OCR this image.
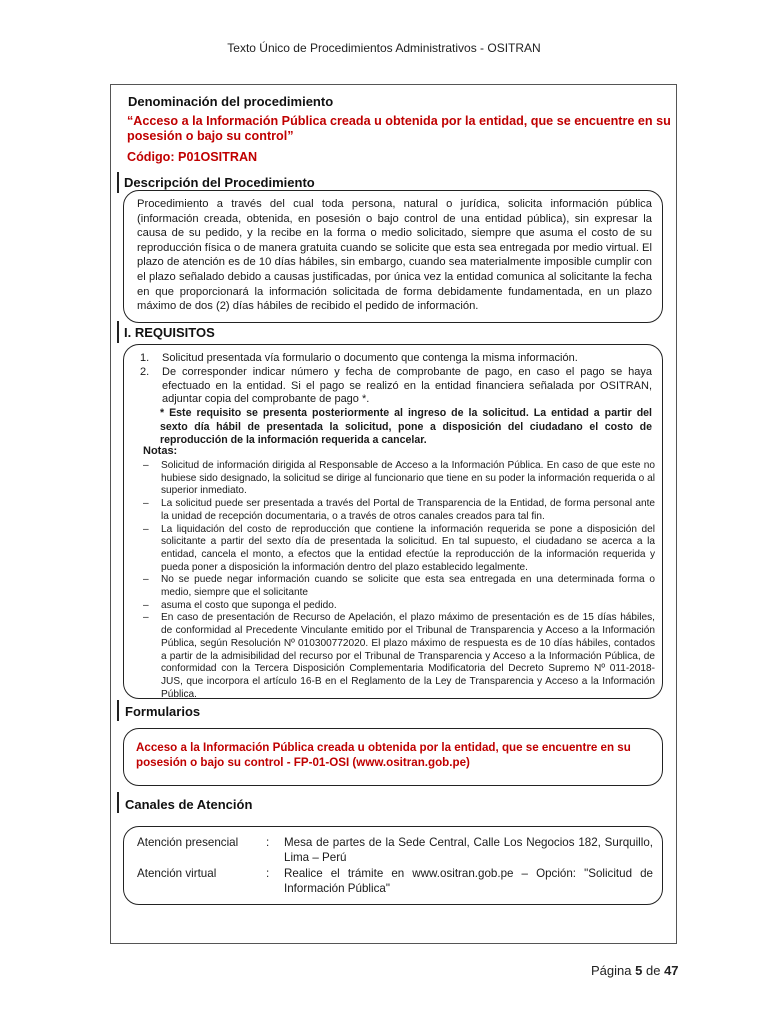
Texto Único de Procedimientos Administrativos - OSITRAN
Denominación del procedimiento
“Acceso a la Información Pública creada u obtenida por la entidad, que se encuentre en su posesión o bajo su control”
Código: P01OSITRAN
Descripción del Procedimiento
Procedimiento a través del cual toda persona, natural o jurídica, solicita información pública (información creada, obtenida, en posesión o bajo control de una entidad pública), sin expresar la causa de su pedido, y la recibe en la forma o medio solicitado, siempre que asuma el costo de su reproducción física o de manera gratuita cuando se solicite que esta sea entregada por medio virtual. El plazo de atención es de 10 días hábiles, sin embargo, cuando sea materialmente imposible cumplir con el plazo señalado debido a causas justificadas, por única vez la entidad comunica al solicitante la fecha en que proporcionará la información solicitada de forma debidamente fundamentada, en un plazo máximo de dos (2) días hábiles de recibido el pedido de información.
I. REQUISITOS
1. Solicitud presentada vía formulario o documento que contenga la misma información.
2. De corresponder indicar número y fecha de comprobante de pago, en caso el pago se haya efectuado en la entidad. Si el pago se realizó en la entidad financiera señalada por OSITRAN, adjuntar copia del comprobante de pago *.
* Este requisito se presenta posteriormente al ingreso de la solicitud. La entidad a partir del sexto día hábil de presentada la solicitud, pone a disposición del ciudadano el costo de reproducción de la información requerida a cancelar.
Notas:
– Solicitud de información dirigida al Responsable de Acceso a la Información Pública. En caso de que este no hubiese sido designado, la solicitud se dirige al funcionario que tiene en su poder la información requerida o al superior inmediato.
– La solicitud puede ser presentada a través del Portal de Transparencia de la Entidad, de forma personal ante la unidad de recepción documentaria, o a través de otros canales creados para tal fin.
– La liquidación del costo de reproducción que contiene la información requerida se pone a disposición del solicitante a partir del sexto día de presentada la solicitud. En tal supuesto, el ciudadano se acerca a la entidad, cancela el monto, a efectos que la entidad efectúe la reproducción de la información requerida y pueda poner a disposición la información dentro del plazo establecido legalmente.
– No se puede negar información cuando se solicite que esta sea entregada en una determinada forma o medio, siempre que el solicitante
– asuma el costo que suponga el pedido.
– En caso de presentación de Recurso de Apelación, el plazo máximo de presentación es de 15 días hábiles, de conformidad al Precedente Vinculante emitido por el Tribunal de Transparencia y Acceso a la Información Pública, según Resolución Nº 010300772020. El plazo máximo de respuesta es de 10 días hábiles, contados a partir de la admisibilidad del recurso por el Tribunal de Transparencia y Acceso a la Información Pública, de conformidad con la Tercera Disposición Complementaria Modificatoria del Decreto Supremo Nº 011-2018-JUS, que incorpora el artículo 16-B en el Reglamento de la Ley de Transparencia y Acceso a la Información Pública.
Formularios
Acceso a la Información Pública creada u obtenida por la entidad, que se encuentre en su posesión o bajo su control - FP-01-OSI (www.ositran.gob.pe)
Canales de Atención
Atención presencial : Mesa de partes de la Sede Central, Calle Los Negocios 182, Surquillo, Lima – Perú
Atención virtual	: Realice el trámite en www.ositran.gob.pe – Opción: "Solicitud de Información Pública"
Página 5 de 47
